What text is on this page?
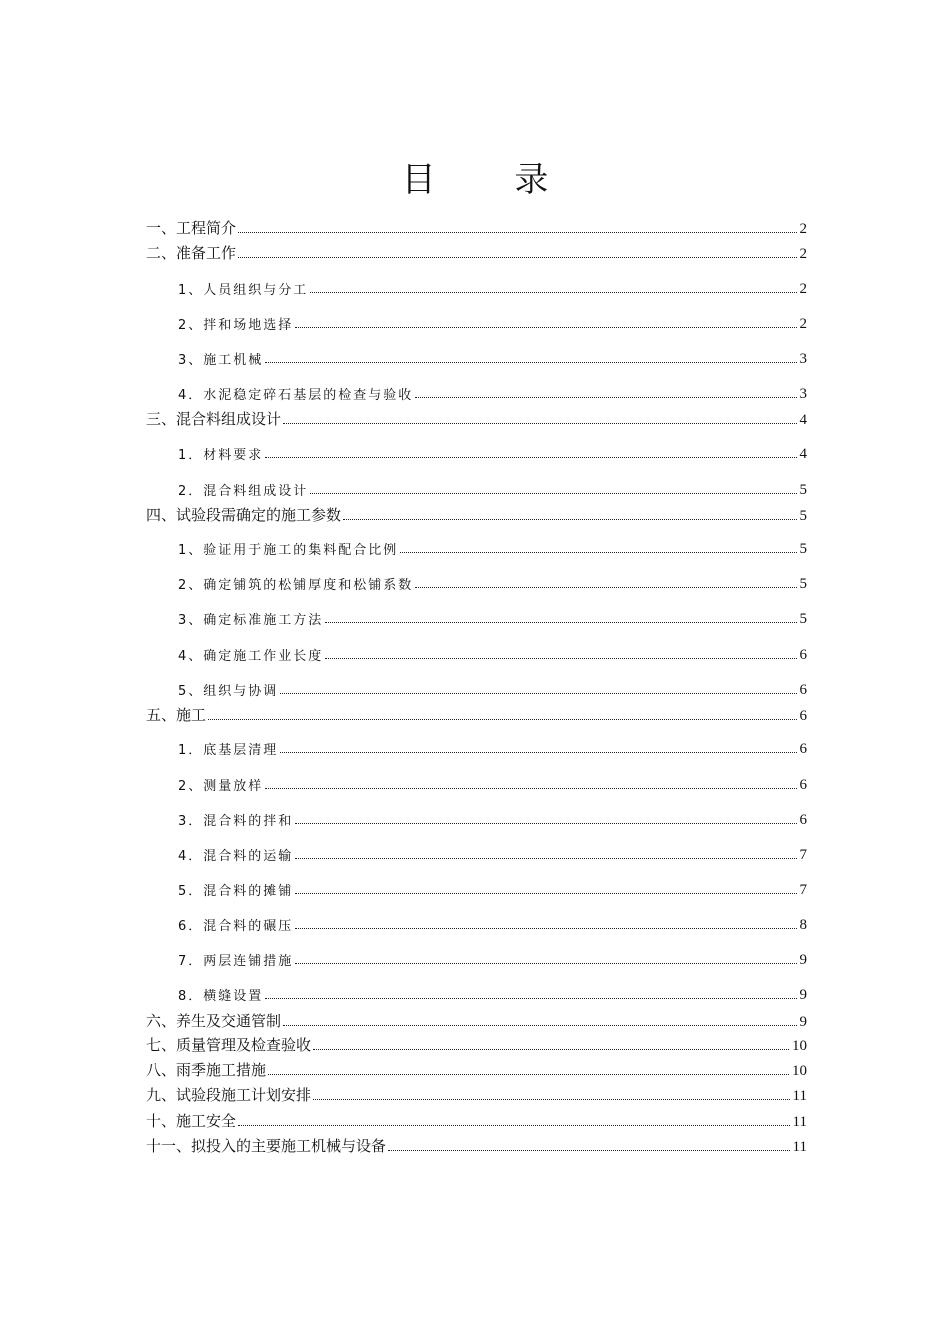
目 录
一、工程简介	2
二、准备工作	2
1、人员组织与分工	2
2、拌和场地选择	2
3、施工机械	3
4．水泥稳定碎石基层的检查与验收	3
三、混合料组成设计	4
1．材料要求	4
2．混合料组成设计	5
四、试验段需确定的施工参数	5
1、验证用于施工的集料配合比例	5
2、确定铺筑的松铺厚度和松铺系数	5
3、确定标准施工方法	5
4、确定施工作业长度	6
5、组织与协调	6
五、施工	6
1．底基层清理	6
2、测量放样	6
3．混合料的拌和	6
4．混合料的运输	7
5．混合料的摊铺	7
6．混合料的碾压	8
7．两层连铺措施	9
8．横缝设置	9
六、养生及交通管制	9
七、质量管理及检查验收	10
八、雨季施工措施	10
九、试验段施工计划安排	11
十、施工安全	11
十一、拟投入的主要施工机械与设备	11
